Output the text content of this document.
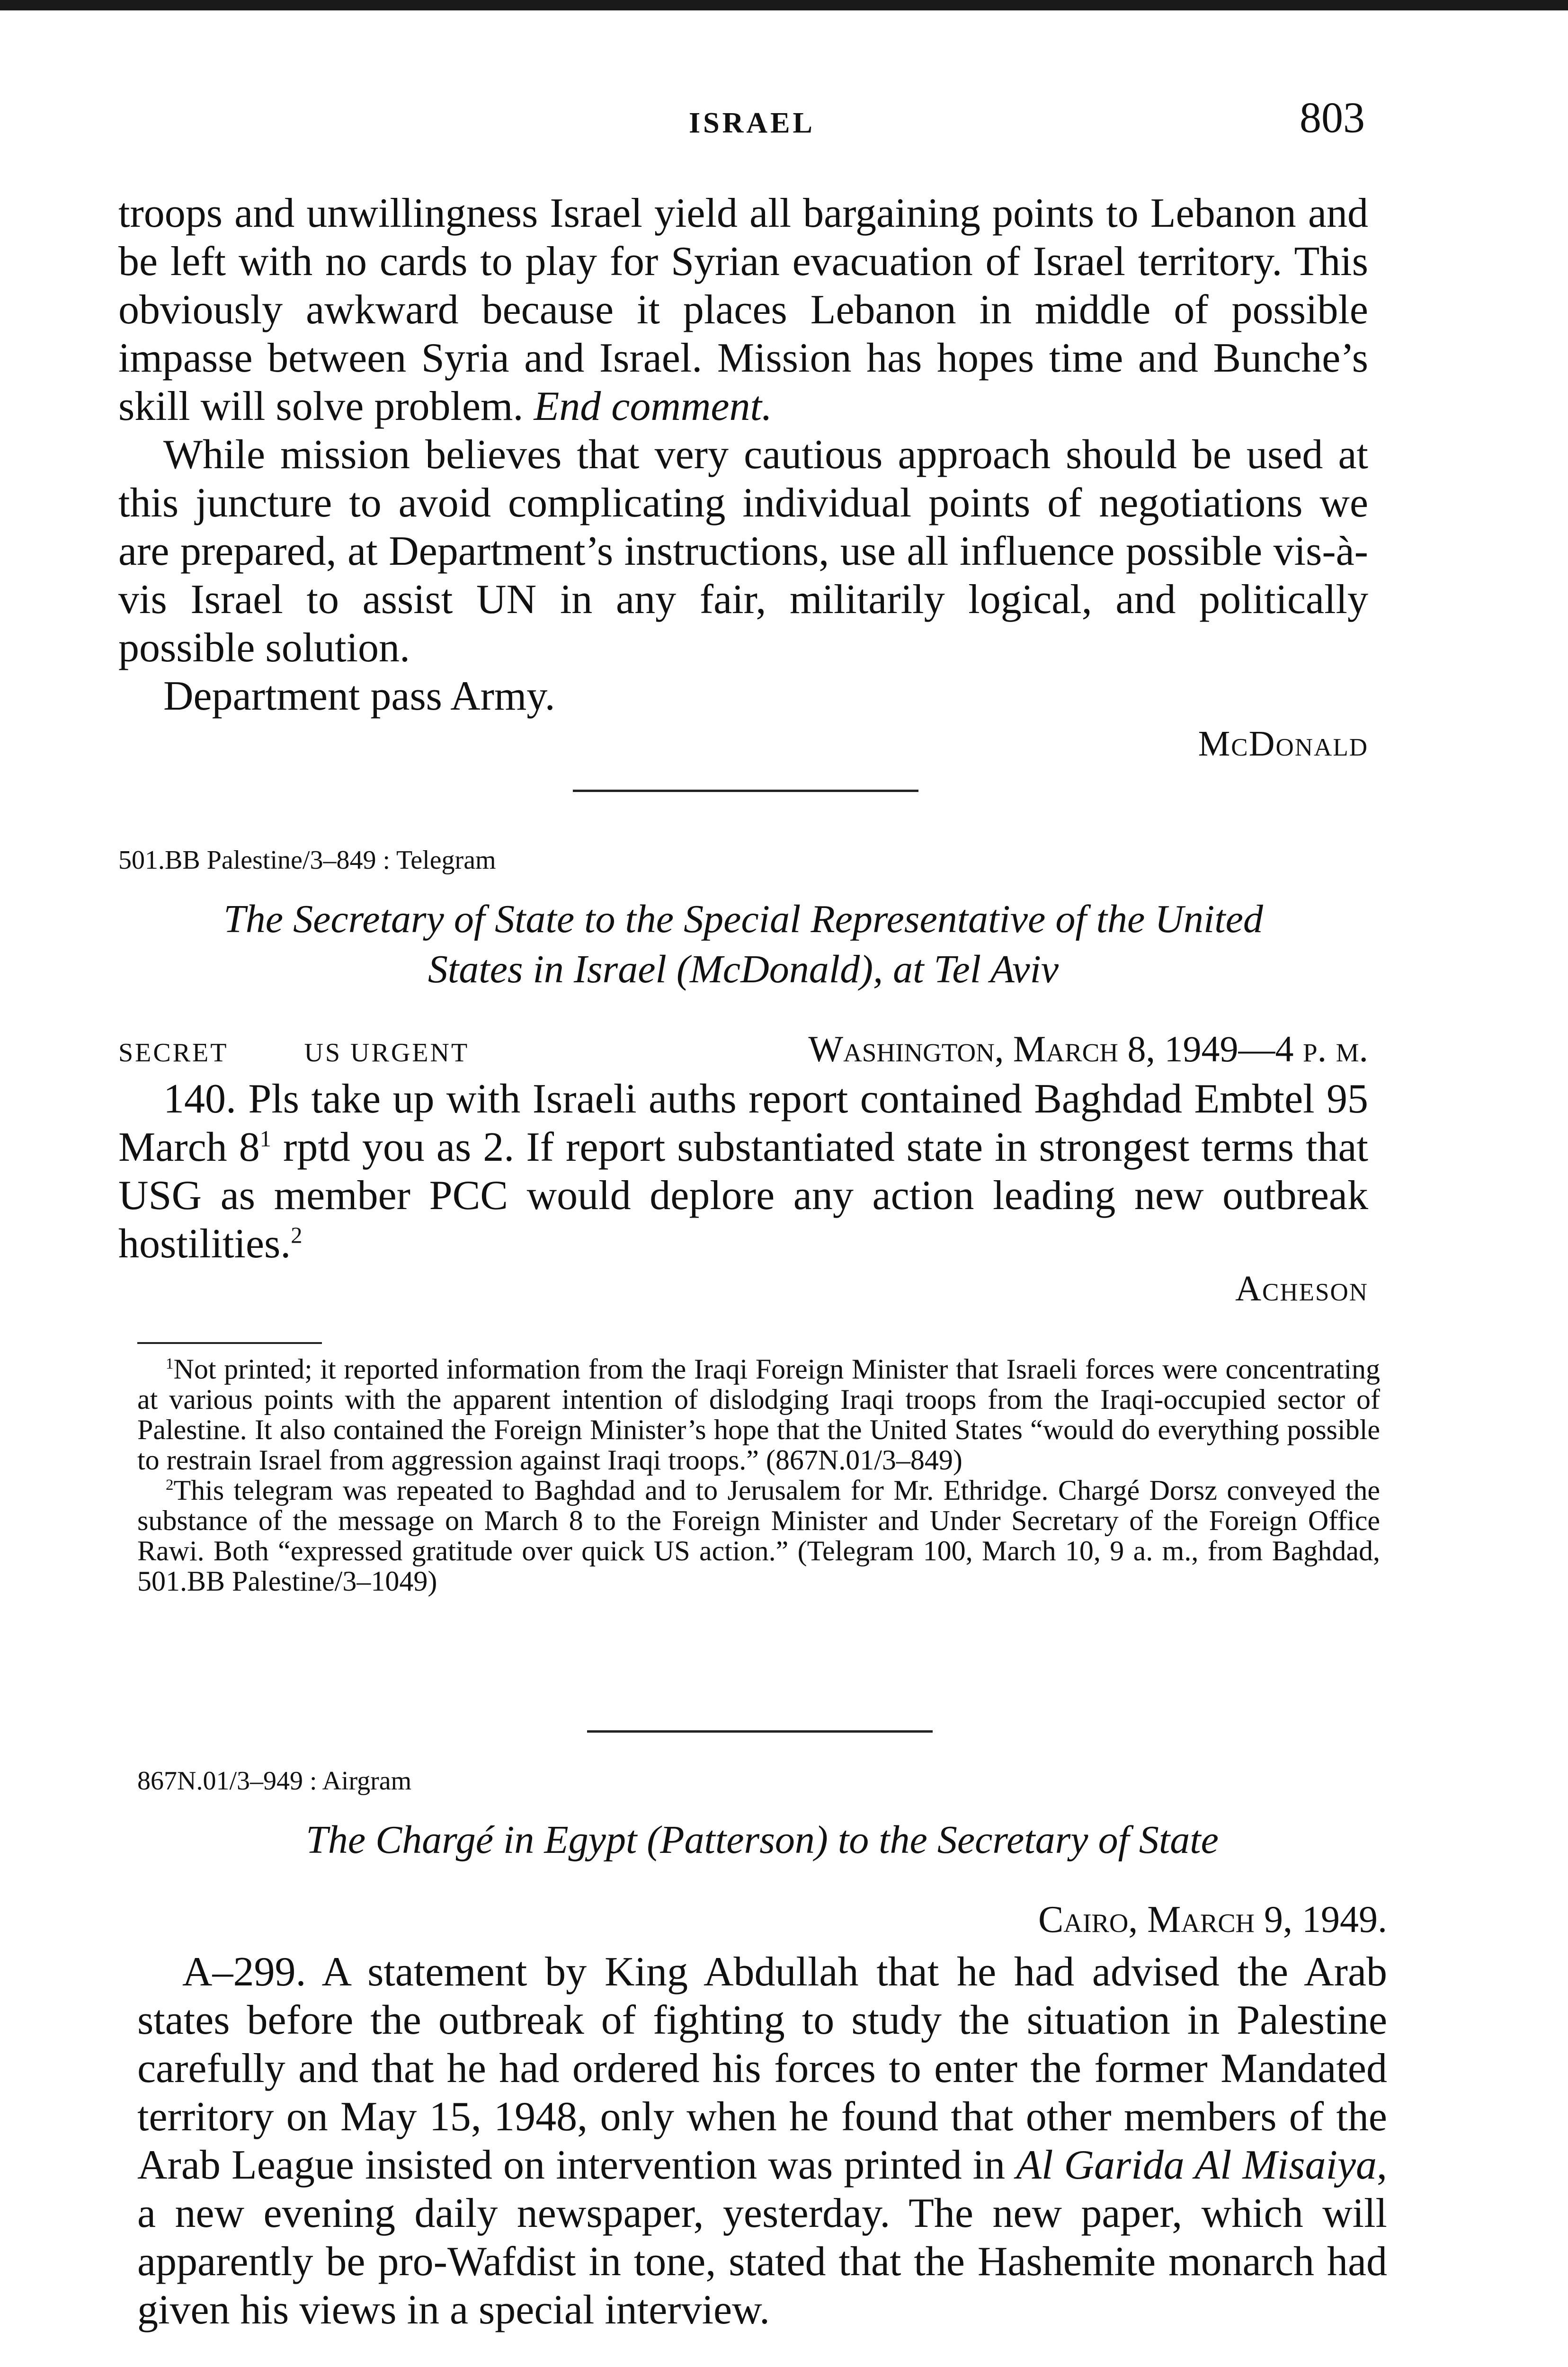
ISRAEL	803

troops and unwillingness Israel yield all bargaining points to Lebanon and be left with no cards to play for Syrian evacuation of Israel territory. This obviously awkward because it places Lebanon in middle of possible impasse between Syria and Israel. Mission has hopes time and Bunche’s skill will solve problem. End comment.

While mission believes that very cautious approach should be used at this juncture to avoid complicating individual points of negotiations we are prepared, at Department’s instructions, use all influence possible vis-à-vis Israel to assist UN in any fair, militarily logical, and politically possible solution.

Department pass Army.

McDonald

501.BB Palestine/3–849 : Telegram

The Secretary of State to the Special Representative of the United

States in Israel (McDonald), at Tel Aviv

SECRET	US URGENT	Washington, March 8, 1949—4 p. m.

140. Pls take up with Israeli auths report contained Baghdad Embtel 95 March $8^1$ rptd you as 2. If report substantiated state in strongest terms that USG as member PCC would deplore any action leading new outbreak hostilities.$^2$

Acheson

$^1$Not printed; it reported information from the Iraqi Foreign Minister that Israeli forces were concentrating at various points with the apparent intention of dislodging Iraqi troops from the Iraqi-occupied sector of Palestine. It also contained the Foreign Minister’s hope that the United States “would do everything possible to restrain Israel from aggression against Iraqi troops.” (867N.01/3–849)

$^2$This telegram was repeated to Baghdad and to Jerusalem for Mr. Ethridge. Chargé Dorsz conveyed the substance of the message on March 8 to the Foreign Minister and Under Secretary of the Foreign Office Rawi. Both “expressed gratitude over quick US action.” (Telegram 100, March 10, 9 a. m., from Baghdad, 501.BB Palestine/3–1049)

867N.01/3–949 : Airgram

The Chargé in Egypt (Patterson) to the Secretary of State

Cairo, March 9, 1949.

A–299. A statement by King Abdullah that he had advised the Arab states before the outbreak of fighting to study the situation in Palestine carefully and that he had ordered his forces to enter the former Mandated territory on May 15, 1948, only when he found that other members of the Arab League insisted on intervention was printed in Al Garida Al Misaiya, a new evening daily newspaper, yesterday. The new paper, which will apparently be pro-Wafdist in tone, stated that the Hashemite monarch had given his views in a special interview.
